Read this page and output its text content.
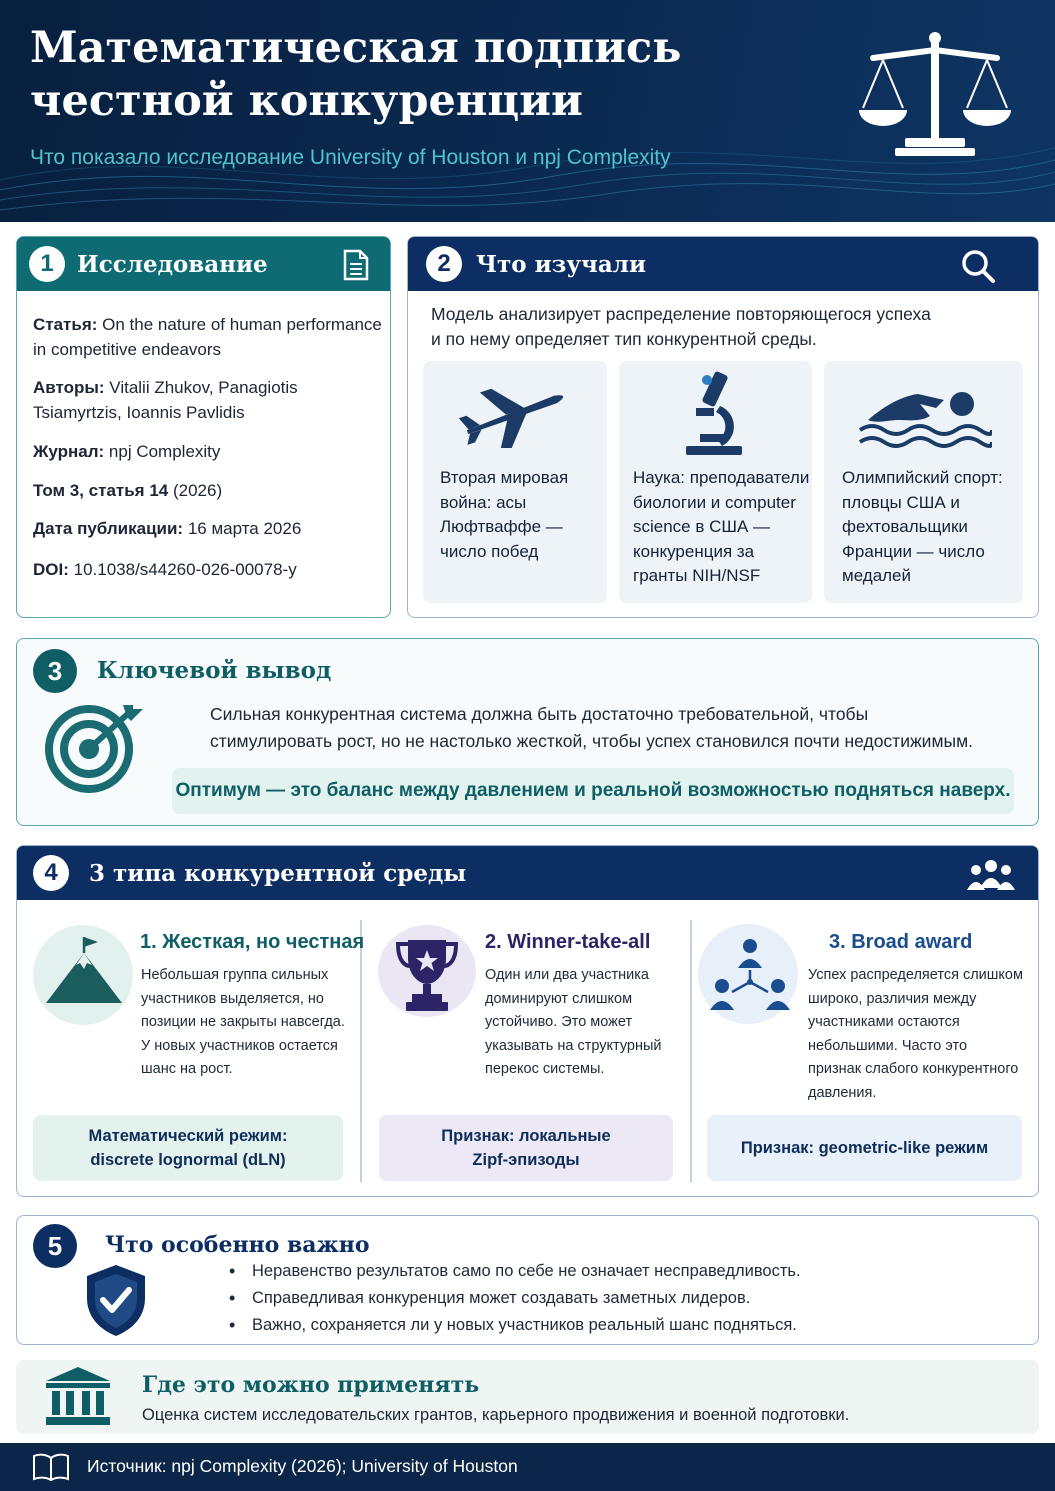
Математическая подпись
честной конкуренции
Что показало исследование University of Houston и npj Complexity
1	Исследование
Статья: On the nature of human performance in competitive endeavors
Авторы: Vitalii Zhukov, Panagiotis Tsiamyrtzis, Ioannis Pavlidis
Журнал: npj Complexity
Том 3, статья 14 (2026)
Дата публикации: 16 марта 2026
DOI: 10.1038/s44260-026-00078-y
2	Что изучали
Модель анализирует распределение повторяющегося успеха
и по нему определяет тип конкурентной среды.
Вторая мировая
война: асы
Люфтваффе —
число побед
Наука: преподаватели
биологии и computer
science в США —
конкуренция за
гранты NIH/NSF
Олимпийский спорт:
пловцы США и
фехтовальщики
Франции — число
медалей
3	Ключевой вывод
Сильная конкурентная система должна быть достаточно требовательной, чтобы
стимулировать рост, но не настолько жесткой, чтобы успех становился почти недостижимым.
Оптимум — это баланс между давлением и реальной возможностью подняться наверх.
4	3 типа конкурентной среды
1. Жесткая, но честная	2. Winner-take-all	3. Broad award
Небольшая группа сильных
участников выделяется, но
позиции не закрыты навсегда.
У новых участников остается
шанс на рост.
Один или два участника
доминируют слишком
устойчиво. Это может
указывать на структурный
перекос системы.
Успех распределяется слишком
широко, различия между
участниками остаются
небольшими. Часто это
признак слабого конкурентного
давления.
Математический режим:
discrete lognormal (dLN)
Признак: локальные
Zipf-эпизоды
Признак: geometric-like режим
5	Что особенно важно
• Неравенство результатов само по себе не означает несправедливость.
• Справедливая конкуренция может создавать заметных лидеров.
• Важно, сохраняется ли у новых участников реальный шанс подняться.
Где это можно применять
Оценка систем исследовательских грантов, карьерного продвижения и военной подготовки.
Источник: npj Complexity (2026); University of Houston
